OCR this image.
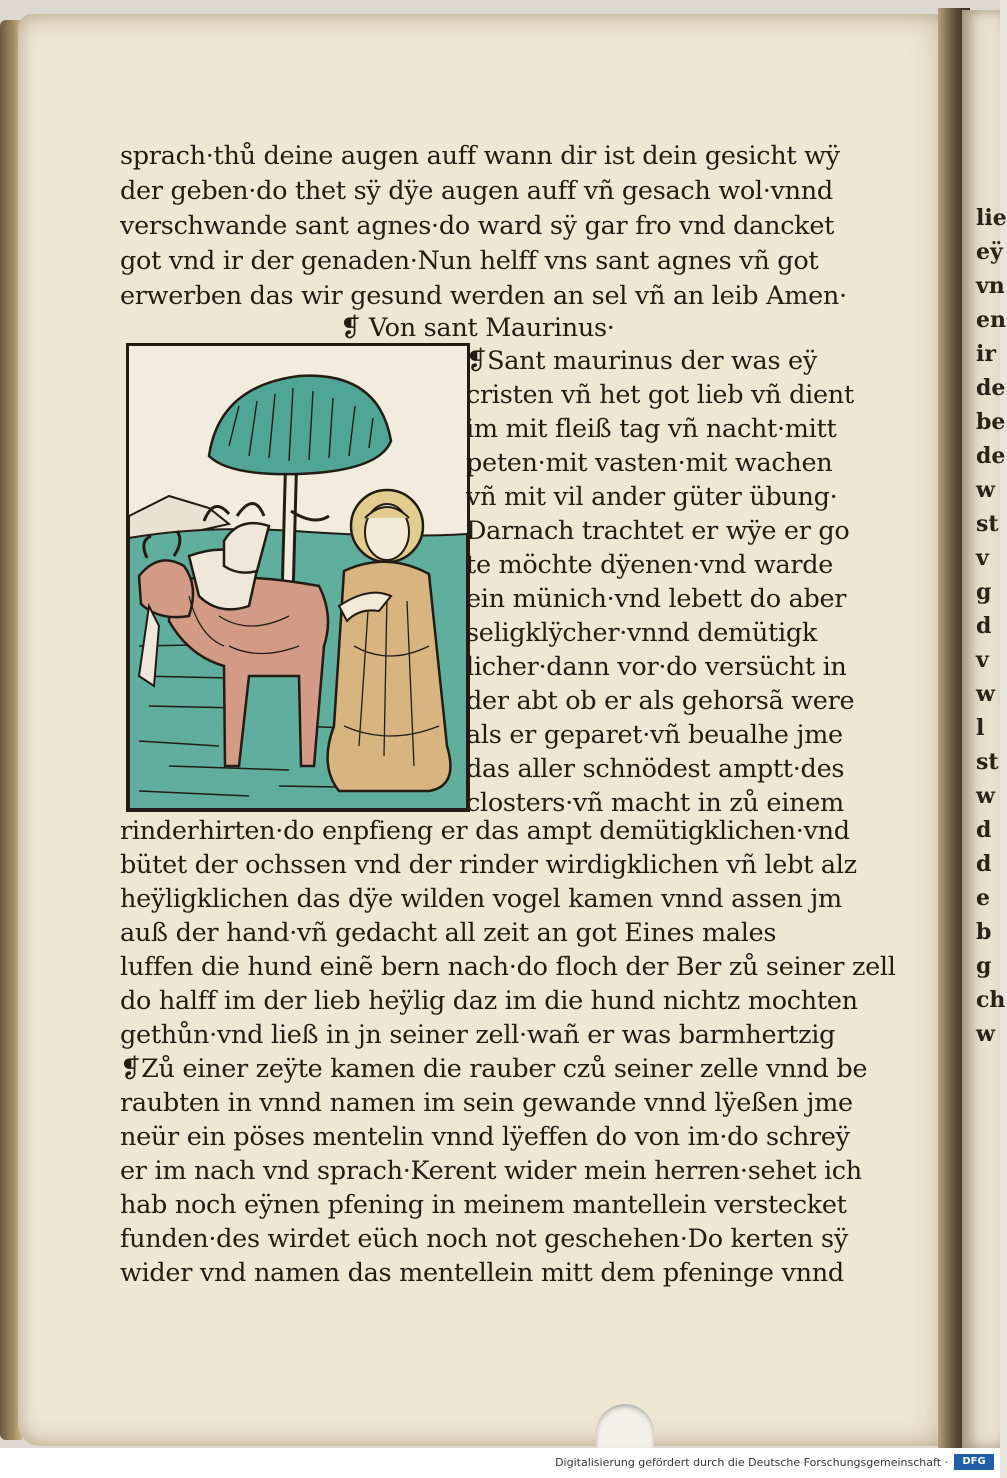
lie
eÿ
vn
en
ir
de
be
de
w
st
v
g
d
v
w
l
st
w
d
d
e
b
g
ch
w
sprach·thů deine augen auff wann dir ist dein gesicht wÿ
der geben·do thet sÿ dÿe augen auff vñ gesach wol·vnnd
verschwande sant agnes·do ward sÿ gar fro vnd dancket
got vnd ir der genaden·Nun helff vns sant agnes vñ got
erwerben das wir gesund werden an sel vñ an leib Amen·
❡ Von sant Maurinus·
❡Sant maurinus der was eÿ
cristen vñ het got lieb vñ dient
im mit fleiß tag vñ nacht·mitt
peten·mit vasten·mit wachen
vñ mit vil ander güter übung·
Darnach trachtet er wÿe er go
te möchte dÿenen·vnd warde
ein münich·vnd lebett do aber
seligklÿcher·vnnd demütigk
licher·dann vor·do versücht in
der abt ob er als gehorsã were
als er geparet·vñ beualhe jme
das aller schnödest amptt·des
closters·vñ macht in zů einem
rinderhirten·do enpfieng er das ampt demütigklichen·vnd
bütet der ochssen vnd der rinder wirdigklichen vñ lebt alz
heÿligklichen das dÿe wilden vogel kamen vnnd assen jm
auß der hand·vñ gedacht all zeit an got Eines males
luffen die hund einẽ bern nach·do floch der Ber zů seiner zell
do halff im der lieb heÿlig daz im die hund nichtz mochten
gethůn·vnd ließ in jn seiner zell·wañ er was barmhertzig
❡Zů einer zeÿte kamen die rauber czů seiner zelle vnnd be
raubten in vnnd namen im sein gewande vnnd lÿeßen jme
neür ein pöses mentelin vnnd lÿeffen do von im·do schreÿ
er im nach vnd sprach·Kerent wider mein herren·sehet ich
hab noch eÿnen pfening in meinem mantellein verstecket
funden·des wirdet eüch noch not geschehen·Do kerten sÿ
wider vnd namen das mentellein mitt dem pfeninge vnnd
Digitalisierung gefördert durch die Deutsche Forschungsgemeinschaft ·	DFG
